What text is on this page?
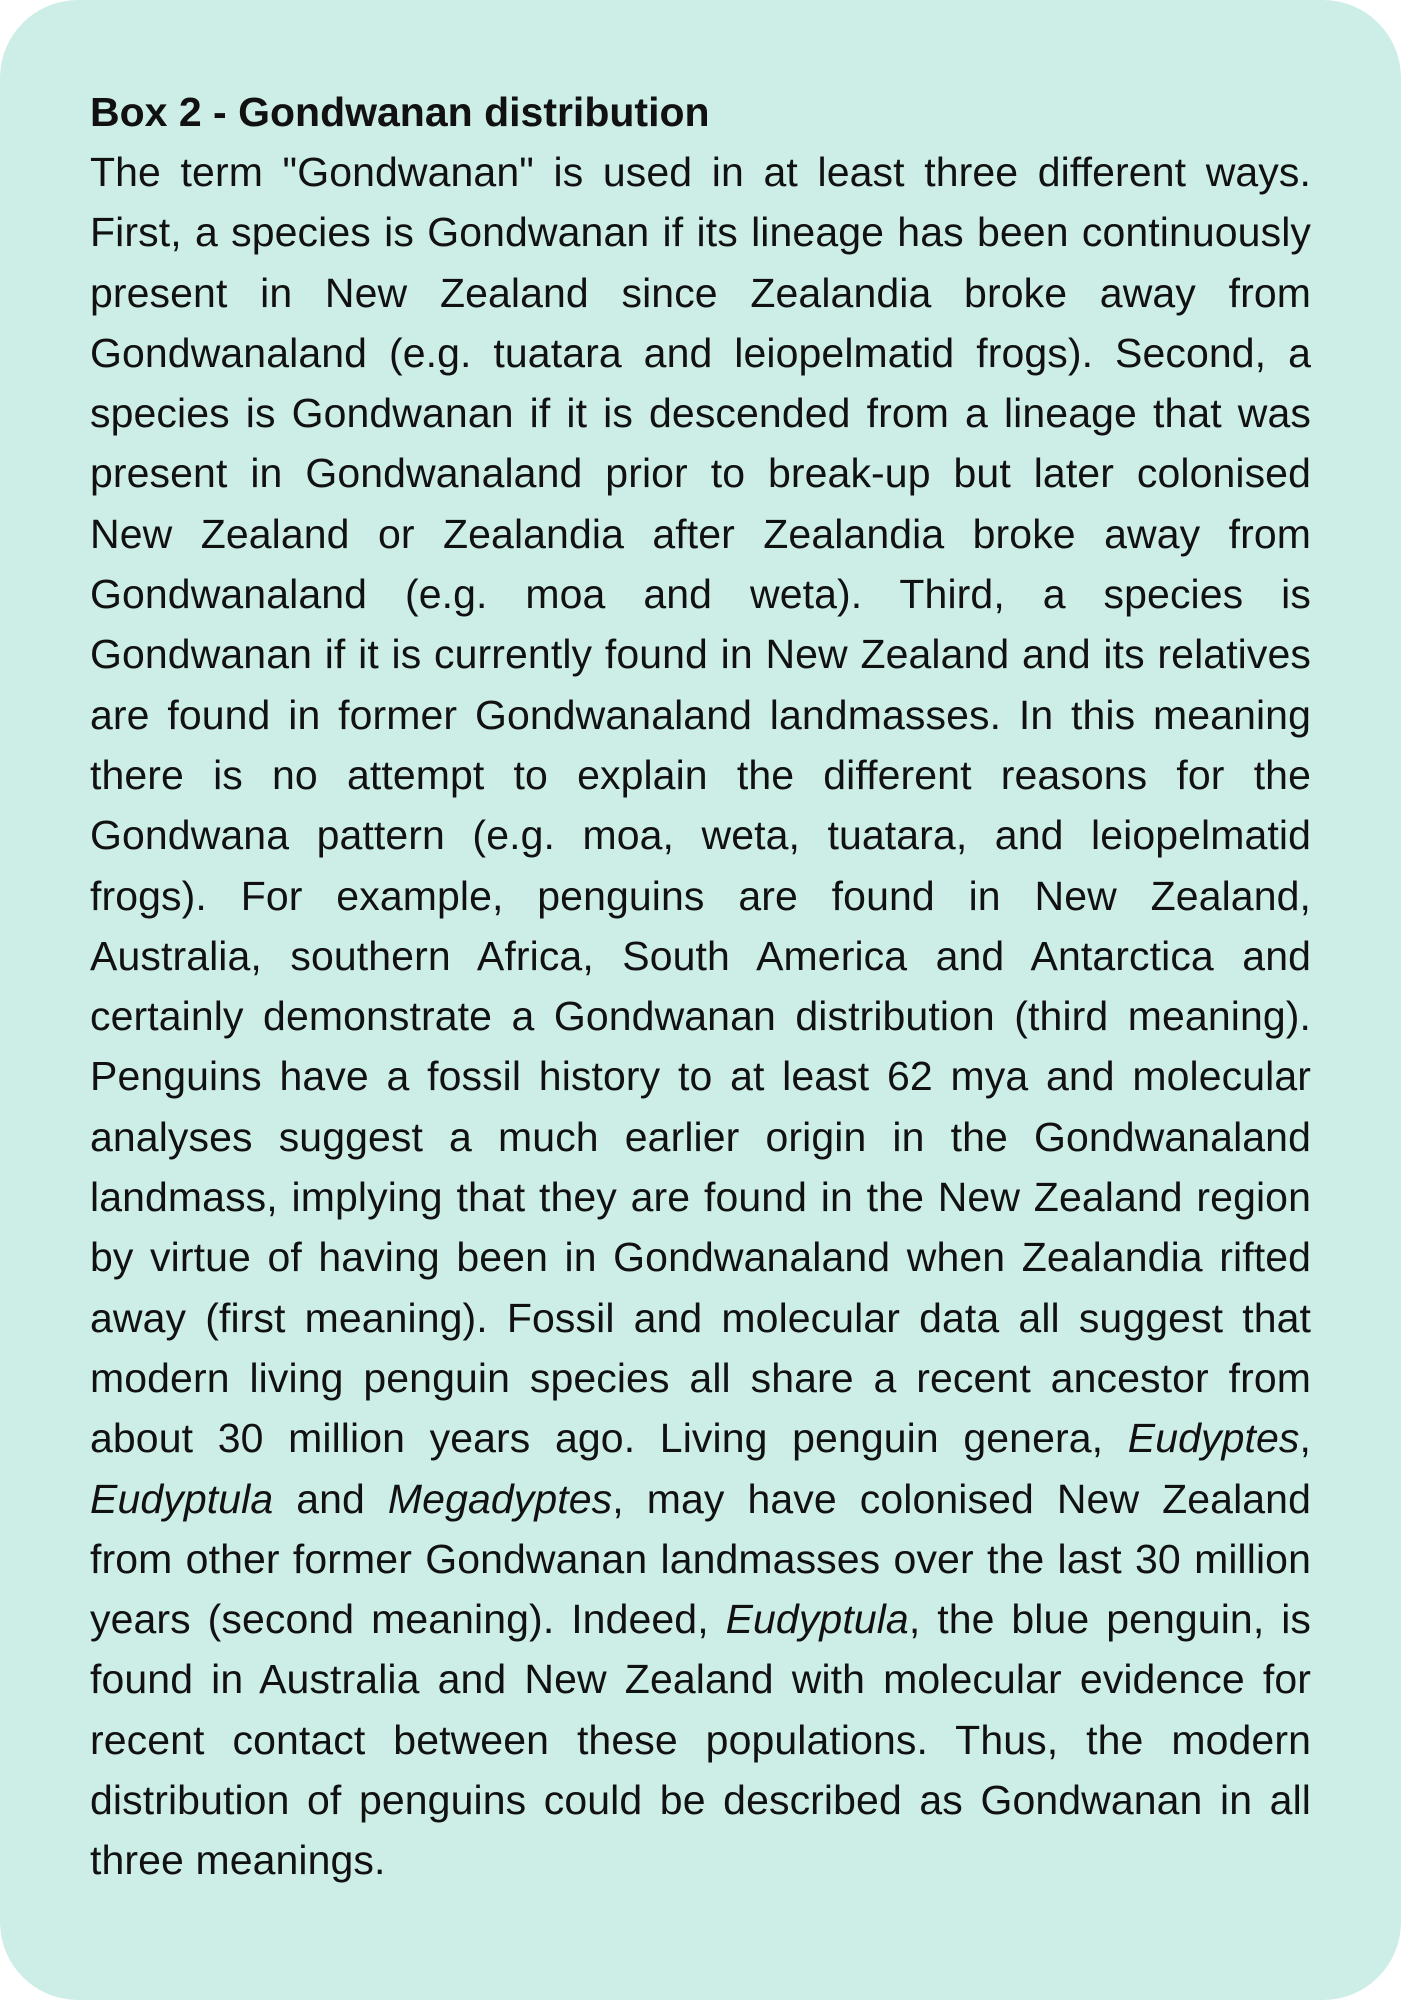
Box 2 - Gondwanan distribution

The term "Gondwanan" is used in at least three different ways. First, a species is Gondwanan if its lineage has been continuously present in New Zealand since Zealandia broke away from Gondwanaland (e.g. tuatara and leiopelmatid frogs). Second, a species is Gondwanan if it is descended from a lineage that was present in Gondwanaland prior to break-up but later colonised New Zealand or Zealandia after Zealandia broke away from Gondwanaland (e.g. moa and weta). Third, a species is Gondwanan if it is currently found in New Zealand and its relatives are found in former Gondwanaland landmasses. In this meaning there is no attempt to explain the different reasons for the Gondwana pattern (e.g. moa, weta, tuatara, and leiopelmatid frogs). For example, penguins are found in New Zealand, Australia, southern Africa, South America and Antarctica and certainly demonstrate a Gondwanan distribution (third meaning). Penguins have a fossil history to at least 62 mya and molecular analyses suggest a much earlier origin in the Gondwanaland landmass, implying that they are found in the New Zealand region by virtue of having been in Gondwanaland when Zealandia rifted away (first meaning). Fossil and molecular data all suggest that modern living penguin species all share a recent ancestor from about 30 million years ago. Living penguin genera, Eudyptes, Eudyptula and Megadyptes, may have colonised New Zealand from other former Gondwanan landmasses over the last 30 million years (second meaning). Indeed, Eudyptula, the blue penguin, is found in Australia and New Zealand with molecular evidence for recent contact between these populations. Thus, the modern distribution of penguins could be described as Gondwanan in all three meanings.
